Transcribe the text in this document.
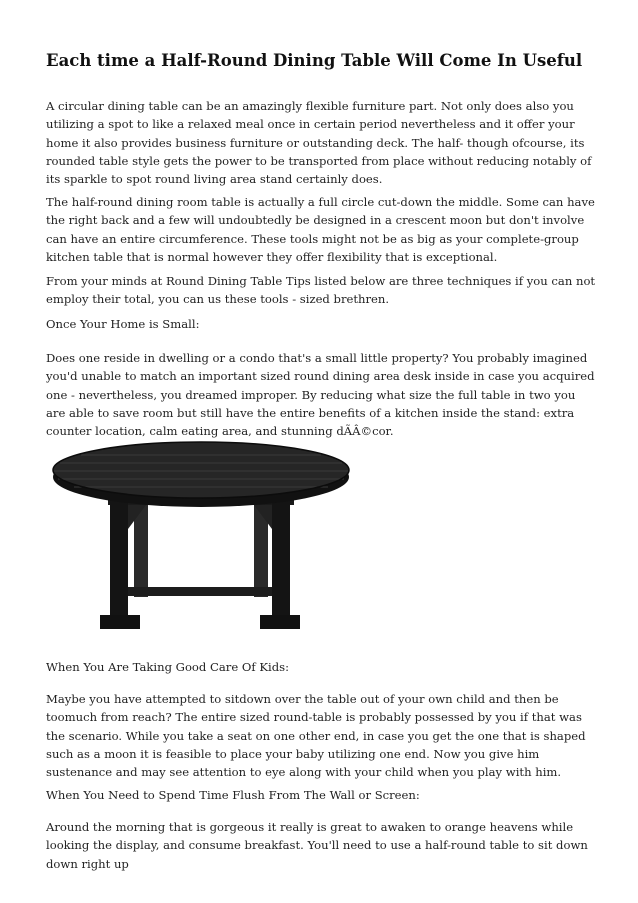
Each time a Half-Round Dining Table Will Come In Useful

A circular dining table can be an amazingly flexible furniture part. Not only does also you utilizing a spot to like a relaxed meal once in certain period nevertheless and it offer your home it also provides business furniture or outstanding deck. The half- though ofcourse, its rounded table style gets the power to be transported from place without reducing notably of its sparkle to spot round living area stand certainly does.

The half-round dining room table is actually a full circle cut-down the middle. Some can have the right back and a few will undoubtedly be designed in a crescent moon but don't involve can have an entire circumference. These tools might not be as big as your complete-group kitchen table that is normal however they offer flexibility that is exceptional.

From your minds at Round Dining Table Tips listed below are three techniques if you can not employ their total, you can us these tools - sized brethren.

Once Your Home is Small:

Does one reside in dwelling or a condo that's a small little property? You probably imagined you'd unable to match an important sized round dining area desk inside in case you acquired one - nevertheless, you dreamed improper. By reducing what size the full table in two you are able to save room but still have the entire benefits of a kitchen inside the stand: extra counter location, calm eating area, and stunning dÃÂ©cor.

When You Are Taking Good Care Of Kids:

Maybe you have attempted to sitdown over the table out of your own child and then be toomuch from reach? The entire sized round-table is probably possessed by you if that was the scenario. While you take a seat on one other end, in case you get the one that is shaped such as a moon it is feasible to place your baby utilizing one end. Now you give him sustenance and may see attention to eye along with your child when you play with him.

When You Need to Spend Time Flush From The Wall or Screen:

Around the morning that is gorgeous it really is great to awaken to orange heavens while looking the display, and consume breakfast. You'll need to use a half-round table to sit down down right up
